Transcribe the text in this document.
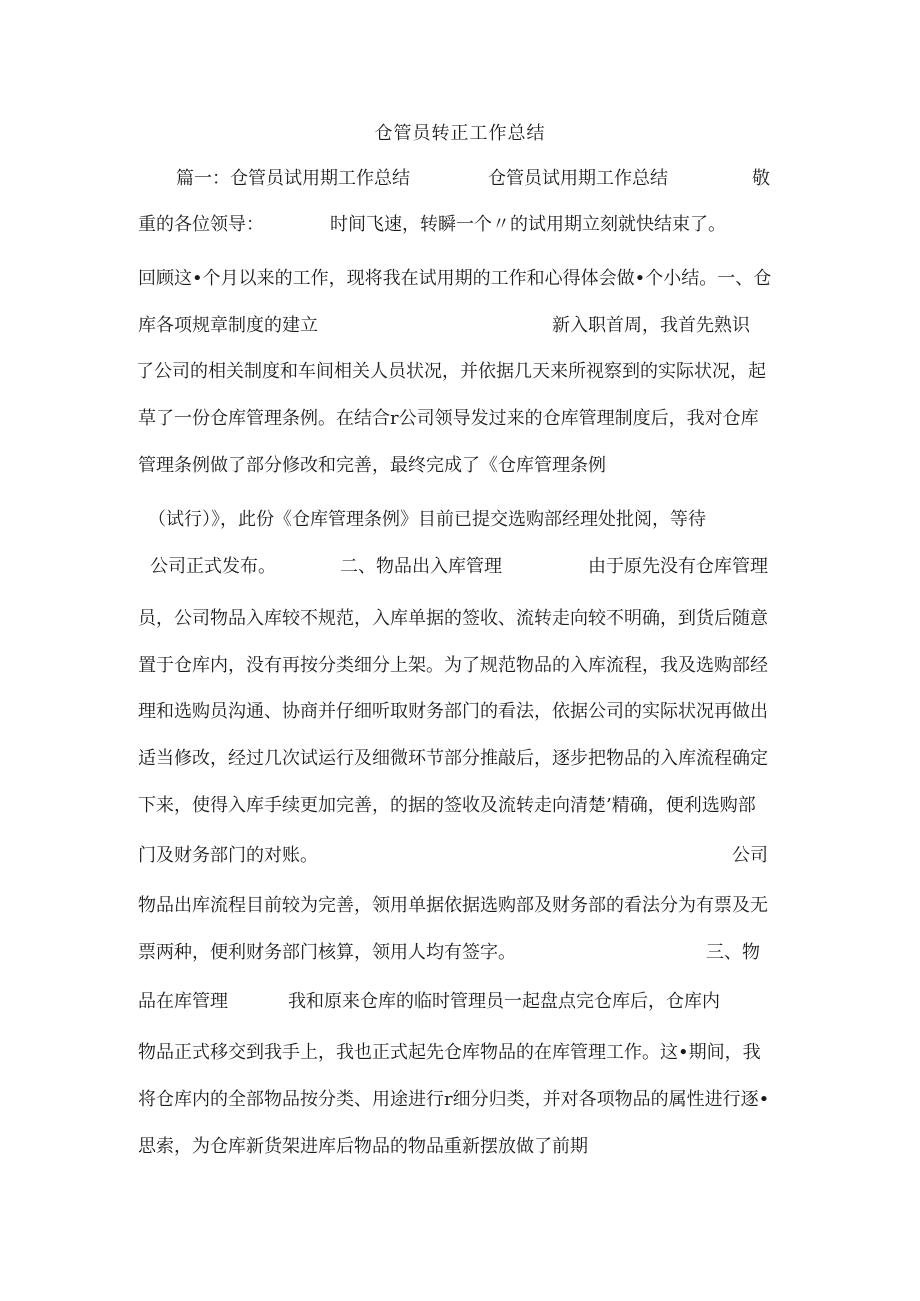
仓管员转正工作总结
篇一：仓管员试用期工作总结	仓管员试用期工作总结	敬
重的各位领导：	时间飞速，转瞬一个〃的试用期立刻就快结束了。
回顾这•个月以来的工作，现将我在试用期的工作和心得体会做•个小结。一、仓
库各项规章制度的建立	新入职首周，我首先熟识
了公司的相关制度和车间相关人员状况，并依据几天来所视察到的实际状况，起
草了一份仓库管理条例。在结合r公司领导发过来的仓库管理制度后，我对仓库
管理条例做了部分修改和完善，最终完成了《仓库管理条例
（试行）》，此份《仓库管理条例》目前已提交选购部经理处批阅，等待
公司正式发布。	二、物品出入库管理	由于原先没有仓库管理
员，公司物品入库较不规范，入库单据的签收、流转走向较不明确，到货后随意
置于仓库内，没有再按分类细分上架。为了规范物品的入库流程，我及选购部经
理和选购员沟通、协商并仔细听取财务部门的看法，依据公司的实际状况再做出
适当修改，经过几次试运行及细微环节部分推敲后，逐步把物品的入库流程确定
下来，使得入库手续更加完善，的据的签收及流转走向清楚’精确，便利选购部
门及财务部门的对账。	公司
物品出库流程目前较为完善，领用单据依据选购部及财务部的看法分为有票及无
票两种，便利财务部门核算，领用人均有签字。	三、物
品在库管理	我和原来仓库的临时管理员一起盘点完仓库后，仓库内
物品正式移交到我手上，我也正式起先仓库物品的在库管理工作。这•期间，我
将仓库内的全部物品按分类、用途进行r细分归类，并对各项物品的属性进行逐•
思索，为仓库新货架进库后物品的物品重新摆放做了前期
